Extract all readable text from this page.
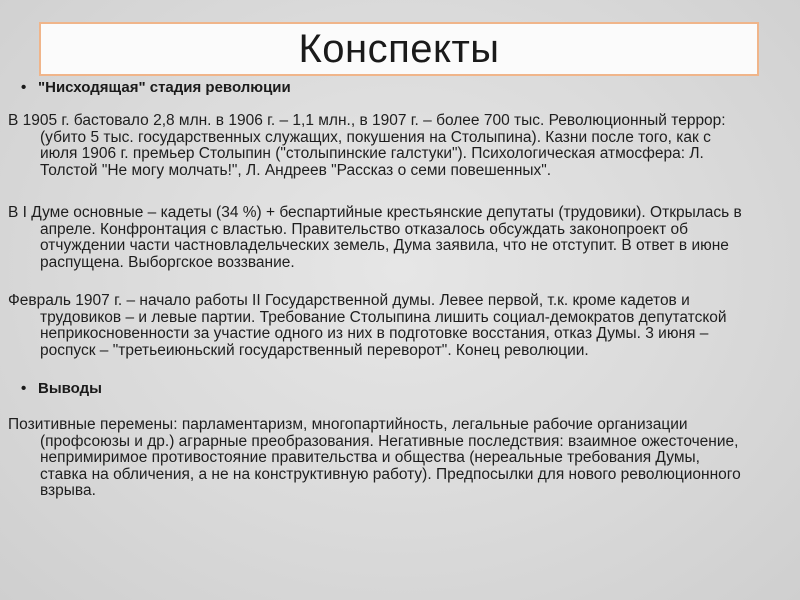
Конспекты
• "Нисходящая" стадия революции
В 1905 г. бастовало 2,8 млн. в 1906 г. – 1,1 млн., в 1907 г. – более 700 тыс. Революционный террор:
(убито 5 тыс. государственных служащих, покушения на Столыпина). Казни после того, как с
июля 1906 г. премьер Столыпин ("столыпинские галстуки"). Психологическая атмосфера: Л.
Толстой "Не могу молчать!", Л. Андреев "Рассказ о семи повешенных".
В I Думе основные – кадеты (34 %) + беспартийные крестьянские депутаты (трудовики). Открылась в
апреле. Конфронтация с властью. Правительство отказалось обсуждать законопроект об
отчуждении части частновладельческих земель, Дума заявила, что не отступит. В ответ в июне
распущена. Выборгское воззвание.
Февраль 1907 г. – начало работы II Государственной думы. Левее первой, т.к. кроме кадетов и
трудовиков – и левые партии. Требование Столыпина лишить социал-демократов депутатской
неприкосновенности за участие одного из них в подготовке восстания, отказ Думы. 3 июня –
роспуск – "третьеиюньский государственный переворот". Конец революции.
• Выводы
Позитивные перемены: парламентаризм, многопартийность, легальные рабочие организации
(профсоюзы и др.) аграрные преобразования. Негативные последствия: взаимное ожесточение,
непримиримое противостояние правительства и общества (нереальные требования Думы,
ставка на обличения, а не на конструктивную работу). Предпосылки для нового революционного
взрыва.
